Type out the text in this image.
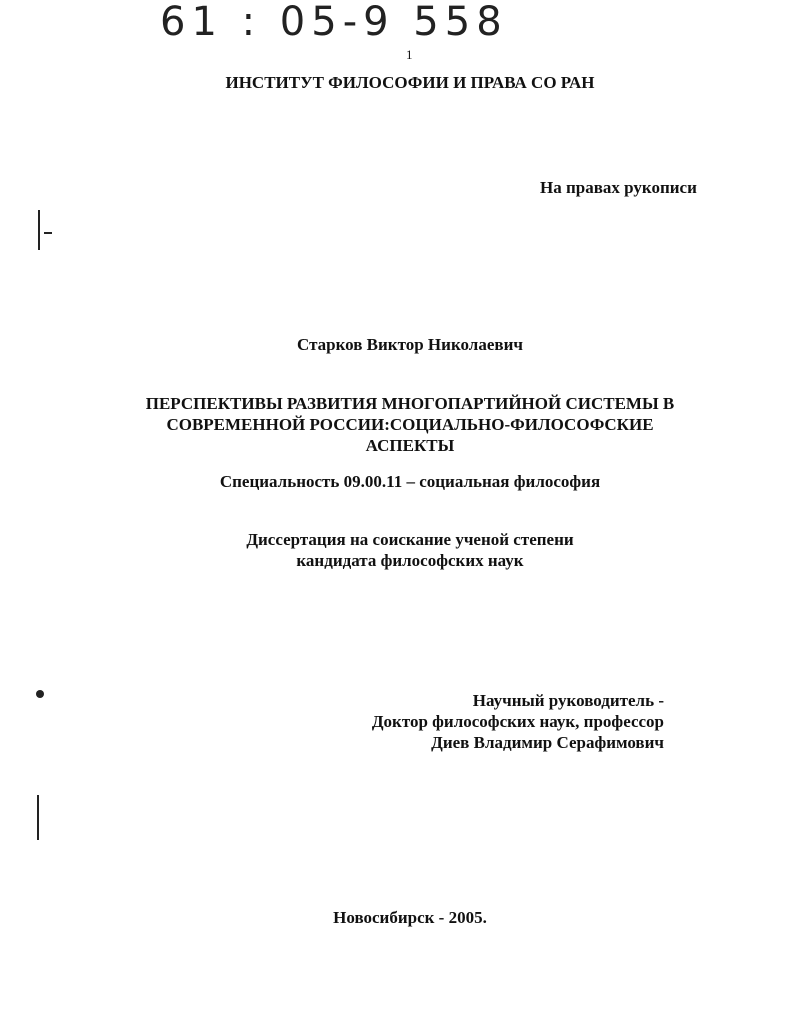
61 : 05-9 558
1
ИНСТИТУТ ФИЛОСОФИИ И ПРАВА СО РАН
На правах рукописи
Старков Виктор Николаевич
ПЕРСПЕКТИВЫ РАЗВИТИЯ МНОГОПАРТИЙНОЙ СИСТЕМЫ В
СОВРЕМЕННОЙ РОССИИ:СОЦИАЛЬНО-ФИЛОСОФСКИЕ
АСПЕКТЫ
Специальность 09.00.11 – социальная философия
Диссертация на соискание ученой степени
кандидата философских наук
Научный руководитель -
Доктор философских наук, профессор
Диев Владимир Серафимович
Новосибирск - 2005.
